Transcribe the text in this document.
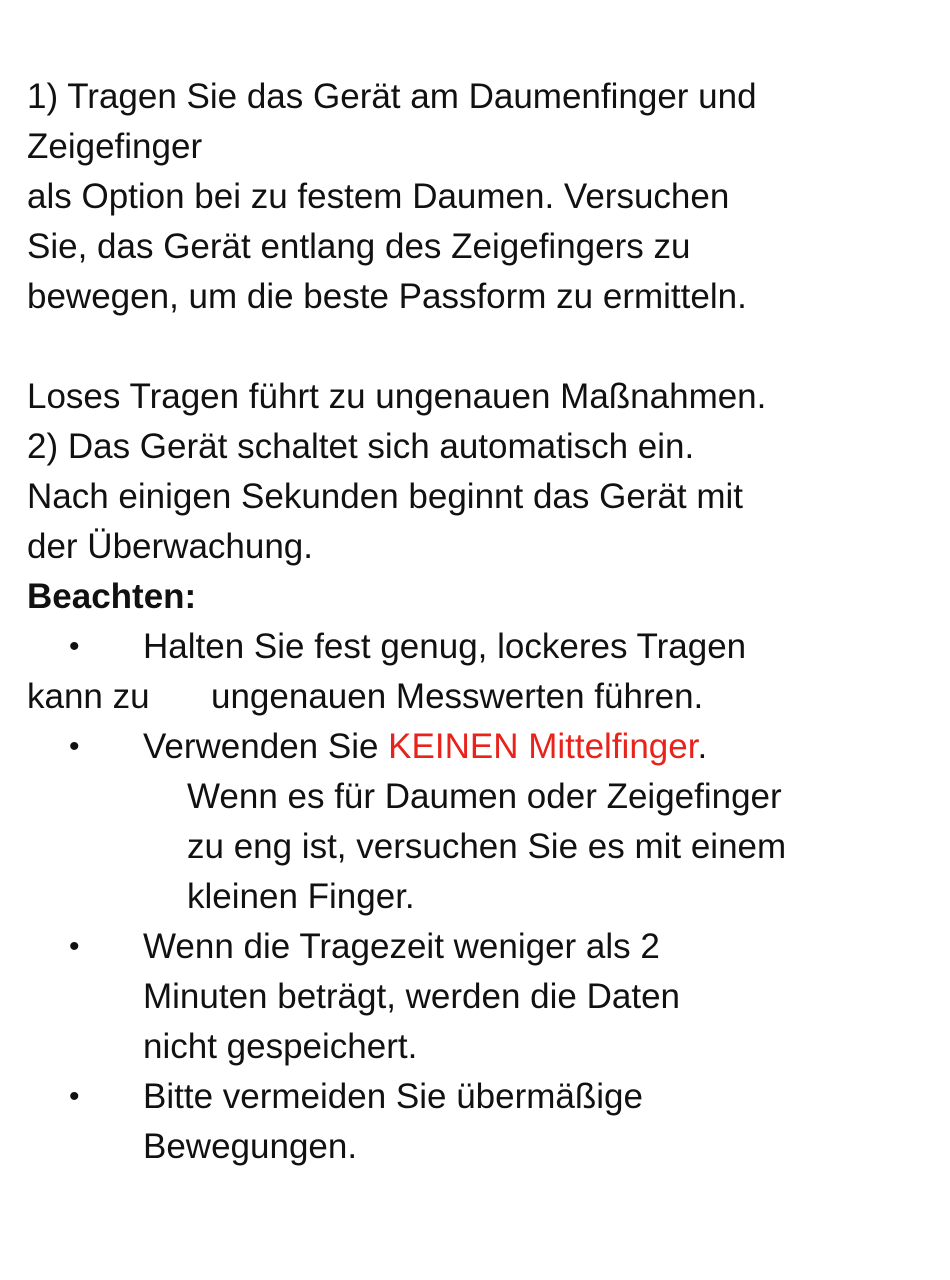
1) Tragen Sie das Gerät am Daumenfinger und
Zeigefinger
als Option bei zu festem Daumen. Versuchen
Sie, das Gerät entlang des Zeigefingers zu
bewegen, um die beste Passform zu ermitteln.
Loses Tragen führt zu ungenauen Maßnahmen.
2) Das Gerät schaltet sich automatisch ein.
Nach einigen Sekunden beginnt das Gerät mit
der Überwachung.
Beachten:
• Halten Sie fest genug, lockeres Tragen
kann zu ungenauen Messwerten führen.
• Verwenden Sie KEINEN Mittelfinger.
Wenn es für Daumen oder Zeigefinger
zu eng ist, versuchen Sie es mit einem
kleinen Finger.
• Wenn die Tragezeit weniger als 2
Minuten beträgt, werden die Daten
nicht gespeichert.
• Bitte vermeiden Sie übermäßige
Bewegungen.
